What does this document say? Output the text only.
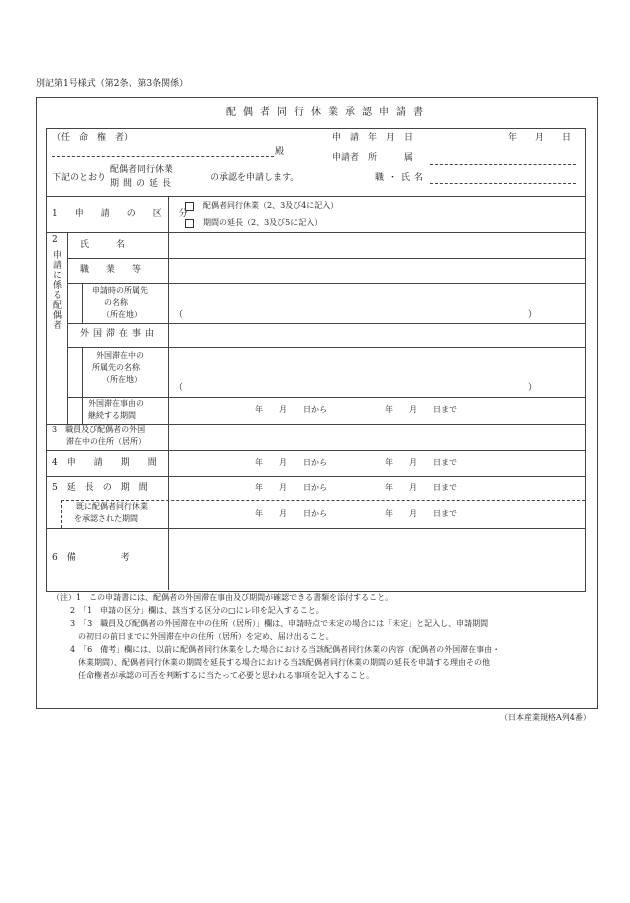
別記第1号様式（第2条、第3条関係）
配偶者同行休業承認申請書
（任　命　権　者）
殿
申　請　年　月　日	年　　月　　日
申請者　所　　　属
下記のとおり
配偶者同行休業
期間の延長
の承認を申請します。	職・氏名
1　申　請　の　区　分
配偶者同行休業（2、3及び4に記入）
期間の延長（2、3及び5に記入）
2
申請に係る配偶者
氏　　　名
職　業　等
申請時の所属先
の名称
（所在地）	（	）
外国滞在事由
外国滞在中の
所属先の名称
（所在地）
（	）
外国滞在事由の
継続する期間
年　　月　　日から	年　　月　　日まで
3　職員及び配偶者の外国
滞在中の住所（居所）
4　申　　請　　期　　間	年　　月　　日から	年　　月　　日まで
5　延　長　の　期　間	年　　月　　日から	年　　月　　日まで
既に配偶者同行休業
を承認された期間
年　　月　　日から	年　　月　　日まで
6　備　　　　　考
（注）1　この申請書には、配偶者の外国滞在事由及び期間が確認できる書類を添付すること。
2　「1　申請の区分」欄は、該当する区分の□にレ印を記入すること。
3　「3　職員及び配偶者の外国滞在中の住所（居所）」欄は、申請時点で未定の場合には「未定」と記入し、申請期間
の初日の前日までに外国滞在中の住所（居所）を定め、届け出ること。
4　「6　備考」欄には、以前に配偶者同行休業をした場合における当該配偶者同行休業の内容（配偶者の外国滞在事由・
休業期間）、配偶者同行休業の期間を延長する場合における当該配偶者同行休業の期間の延長を申請する理由その他
任命権者が承認の可否を判断するに当たって必要と思われる事項を記入すること。
（日本産業規格A列4番）
